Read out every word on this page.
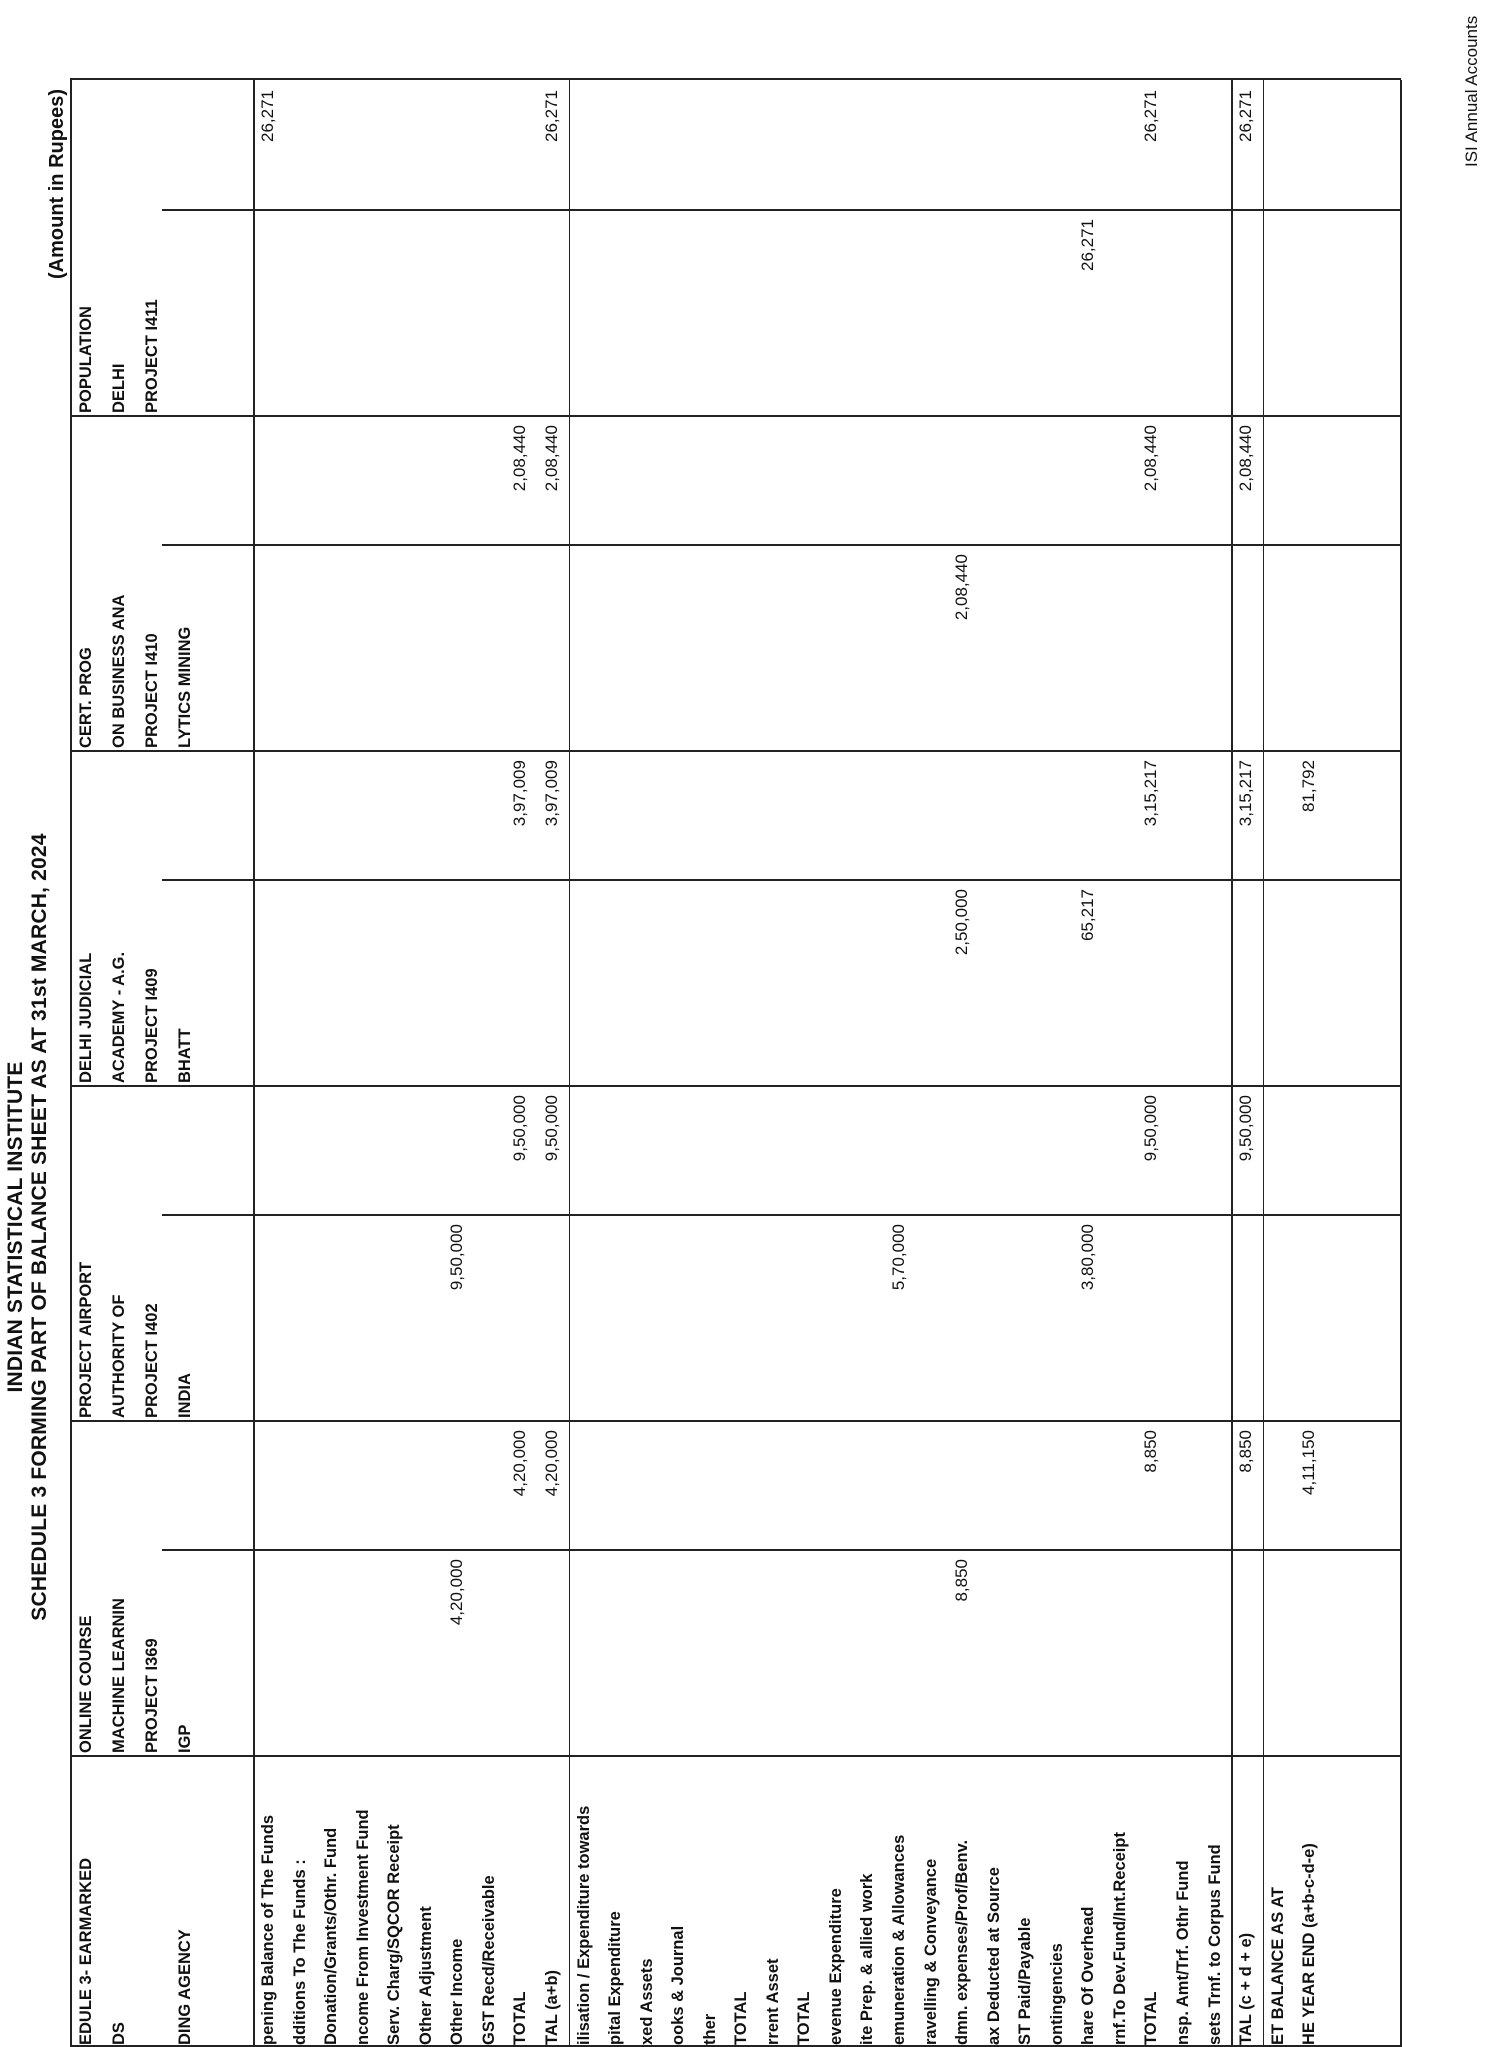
INDIAN STATISTICAL INSTITUTE SCHEDULE 3 FORMING PART OF BALANCE SHEET AS AT 31st MARCH, 2024
(Amount in Rupees)	ISI Annual Accounts
EDULE 3- EARMARKED DS	DING AGENCY
ONLINE COURSE MACHINE LEARNIN PROJECT I369 IGP
PROJECT AIRPORT AUTHORITY OF PROJECT I402 INDIA
DELHI JUDICIAL ACADEMY - A.G. PROJECT I409 BHATT
CERT. PROG ON BUSINESS ANA PROJECT I410 LYTICS MINING
POPULATION DELHI PROJECT I411
pening Balance of The Funds
26,271
dditions To The Funds : Donation/Grants/Othr. Fund ncome From Investment Fund Serv. Charg/SQCOR Receipt Other Adjustment Other Income
4,20,000
9,50,000
GST Recd/Receivable TOTAL
4,20,000
9,50,000
3,97,009
2,08,440
TAL (a+b)
4,20,000
9,50,000
3,97,009
2,08,440
26,271
ilisation / Expenditure towards pital Expenditure xed Assets ooks & Journal ther TOTAL rrent Asset TOTAL evenue Expenditure ite Prep. & allied work emuneration & Allowances
5,70,000
ravelling & Conveyance dmn. expenses/Prof/Benv.
8,850
2,50,000
2,08,440
ax Deducted at Source ST Paid/Payable ontingencies hare Of Overhead
3,80,000
65,217
26,271
rnf.To Dev.Fund/Int.Receipt TOTAL
8,850
9,50,000
3,15,217
2,08,440
26,271
nsp. Amt/Trf. Othr Fund sets Trnf. to Corpus Fund TAL (c + d + e)
8,850
9,50,000
3,15,217
2,08,440
26,271
ET BALANCE AS AT HE YEAR END (a+b-c-d-e)
4,11,150
81,792
